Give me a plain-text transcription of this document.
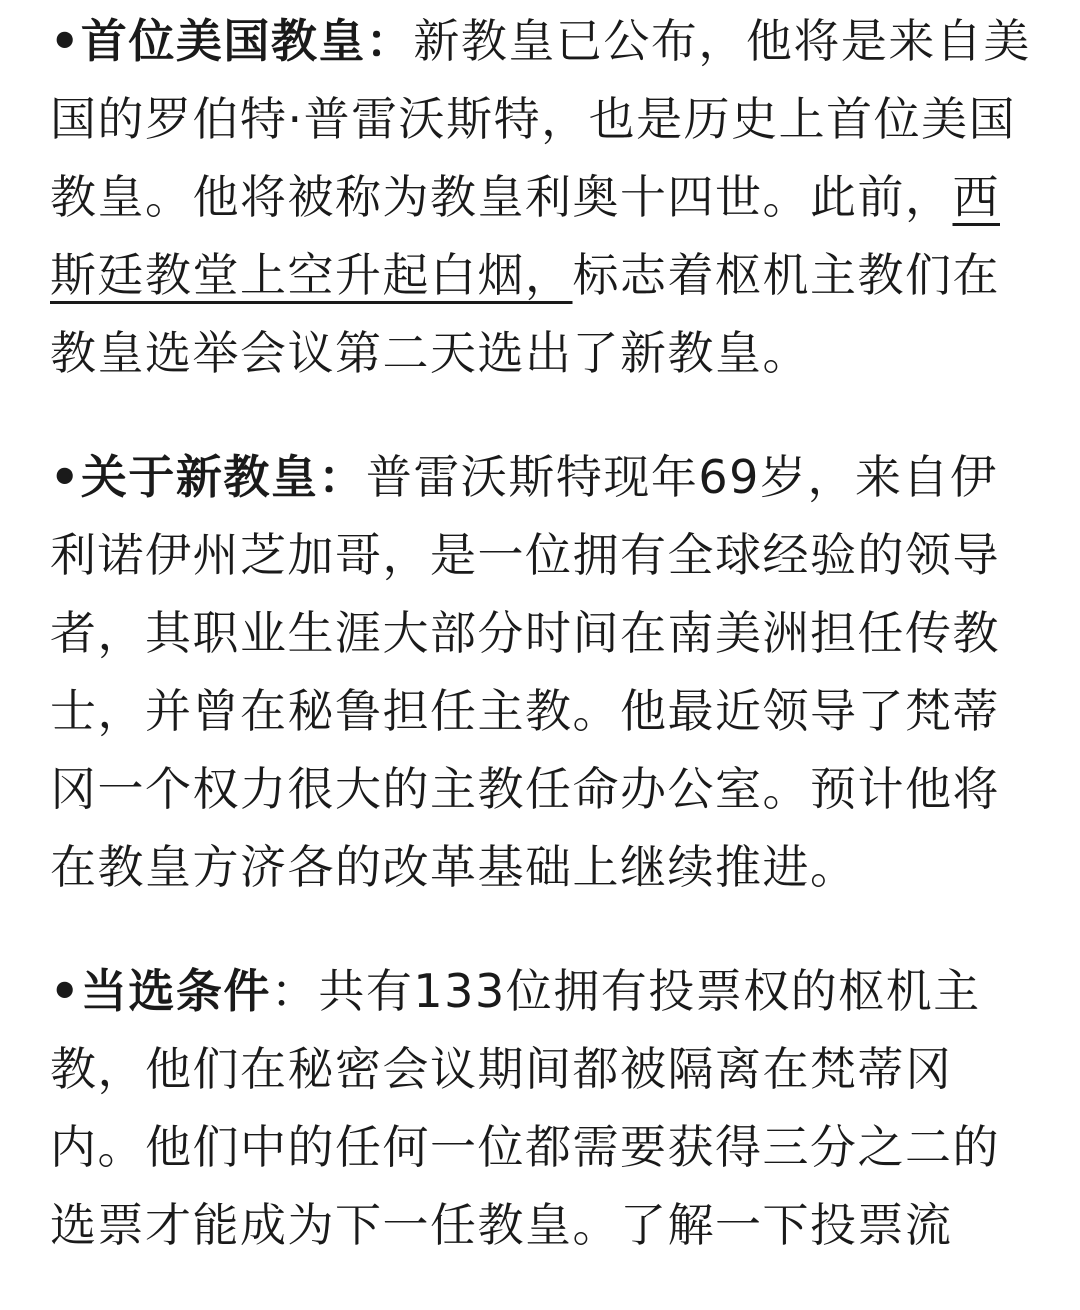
•首位美国教皇：新教皇已公布，他将是来自美国的罗伯特·普雷沃斯特，也是历史上首位美国教皇。他将被称为教皇利奥十四世。此前，西斯廷教堂上空升起白烟，标志着枢机主教们在教皇选举会议第二天选出了新教皇。

•关于新教皇：普雷沃斯特现年69岁，来自伊利诺伊州芝加哥，是一位拥有全球经验的领导者，其职业生涯大部分时间在南美洲担任传教士，并曾在秘鲁担任主教。他最近领导了梵蒂冈一个权力很大的主教任命办公室。预计他将在教皇方济各的改革基础上继续推进。

•当选条件：共有133位拥有投票权的枢机主教，他们在秘密会议期间都被隔离在梵蒂冈内。他们中的任何一位都需要获得三分之二的选票才能成为下一任教皇。了解一下投票流
